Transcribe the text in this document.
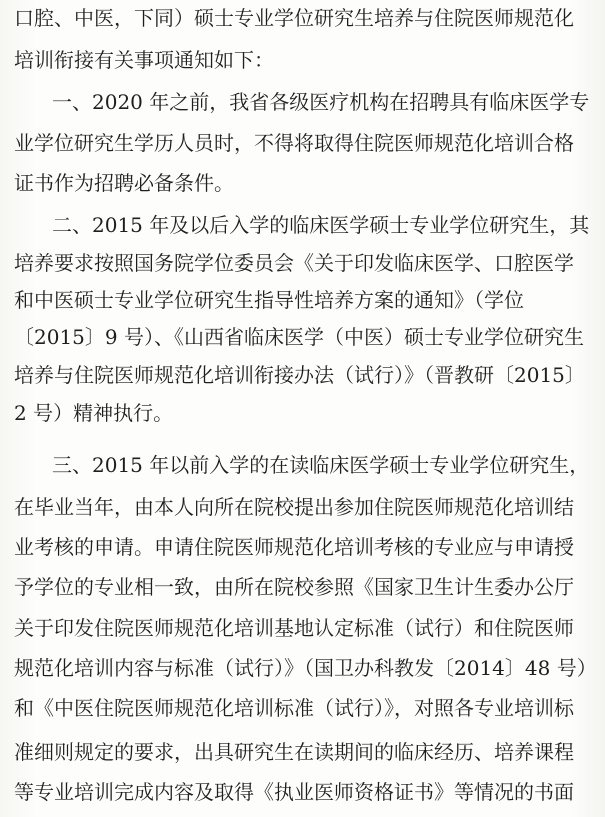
口腔、中医，下同）硕士专业学位研究生培养与住院医师规范化
培训衔接有关事项通知如下：
一、2020 年之前，我省各级医疗机构在招聘具有临床医学专
业学位研究生学历人员时，不得将取得住院医师规范化培训合格
证书作为招聘必备条件。
二、2015 年及以后入学的临床医学硕士专业学位研究生，其
培养要求按照国务院学位委员会《关于印发临床医学、口腔医学
和中医硕士专业学位研究生指导性培养方案的通知》（学位
〔2015〕9 号）、《山西省临床医学（中医）硕士专业学位研究生
培养与住院医师规范化培训衔接办法（试行）》（晋教研〔2015〕
2 号）精神执行。
三、2015 年以前入学的在读临床医学硕士专业学位研究生，
在毕业当年，由本人向所在院校提出参加住院医师规范化培训结
业考核的申请。申请住院医师规范化培训考核的专业应与申请授
予学位的专业相一致，由所在院校参照《国家卫生计生委办公厅
关于印发住院医师规范化培训基地认定标准（试行）和住院医师
规范化培训内容与标准（试行）》（国卫办科教发〔2014〕48 号）
和《中医住院医师规范化培训标准（试行）》，对照各专业培训标
准细则规定的要求，出具研究生在读期间的临床经历、培养课程
等专业培训完成内容及取得《执业医师资格证书》等情况的书面
